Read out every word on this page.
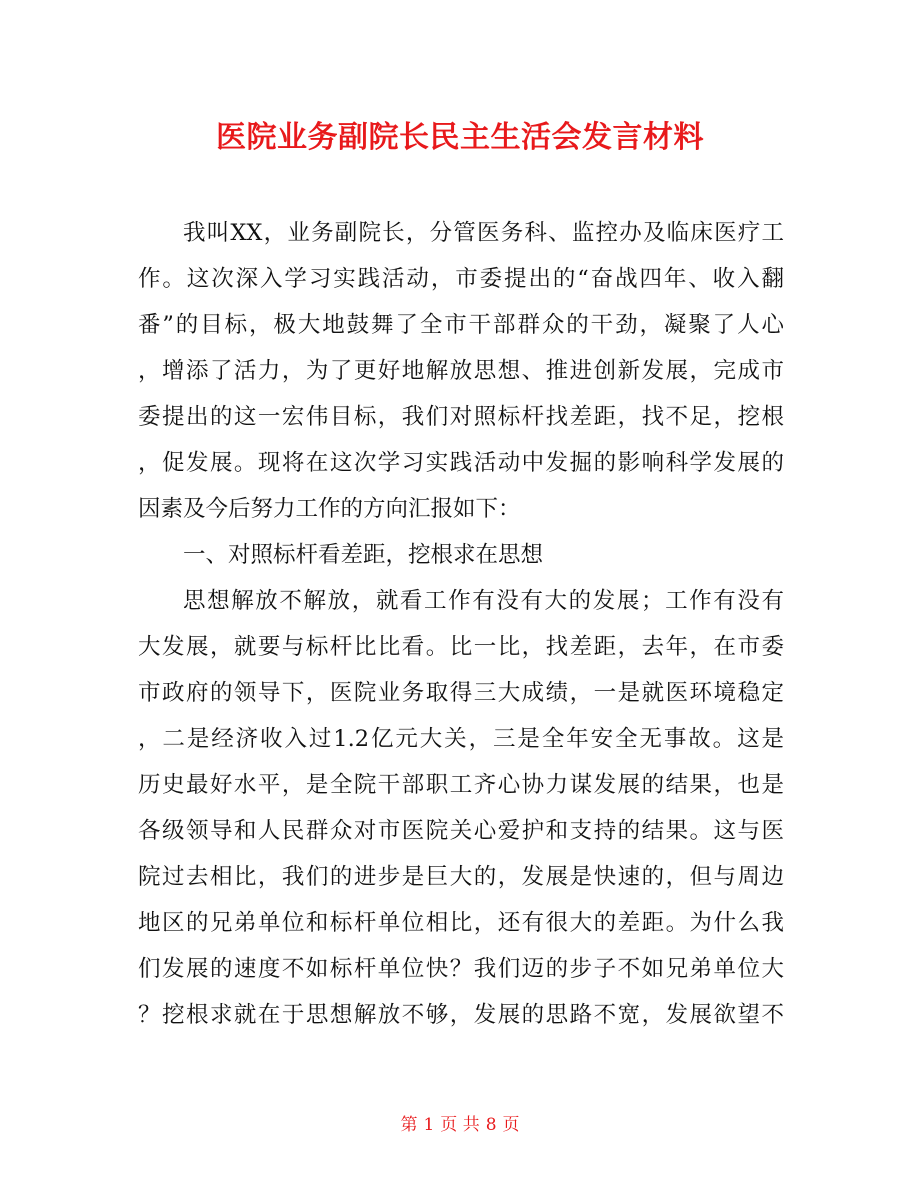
医院业务副院长民主生活会发言材料
我叫XX，业务副院长，分管医务科、监控办及临床医疗工
作。这次深入学习实践活动，市委提出的“奋战四年、收入翻
番”的目标，极大地鼓舞了全市干部群众的干劲，凝聚了人心
，增添了活力，为了更好地解放思想、推进创新发展，完成市
委提出的这一宏伟目标，我们对照标杆找差距，找不足，挖根
，促发展。现将在这次学习实践活动中发掘的影响科学发展的
因素及今后努力工作的方向汇报如下：
一、对照标杆看差距，挖根求在思想
思想解放不解放，就看工作有没有大的发展；工作有没有
大发展，就要与标杆比比看。比一比，找差距，去年，在市委
市政府的领导下，医院业务取得三大成绩，一是就医环境稳定
，二是经济收入过1.2亿元大关，三是全年安全无事故。这是
历史最好水平，是全院干部职工齐心协力谋发展的结果，也是
各级领导和人民群众对市医院关心爱护和支持的结果。这与医
院过去相比，我们的进步是巨大的，发展是快速的，但与周边
地区的兄弟单位和标杆单位相比，还有很大的差距。为什么我
们发展的速度不如标杆单位快？我们迈的步子不如兄弟单位大
？挖根求就在于思想解放不够，发展的思路不宽，发展欲望不
第 1 页 共 8 页
